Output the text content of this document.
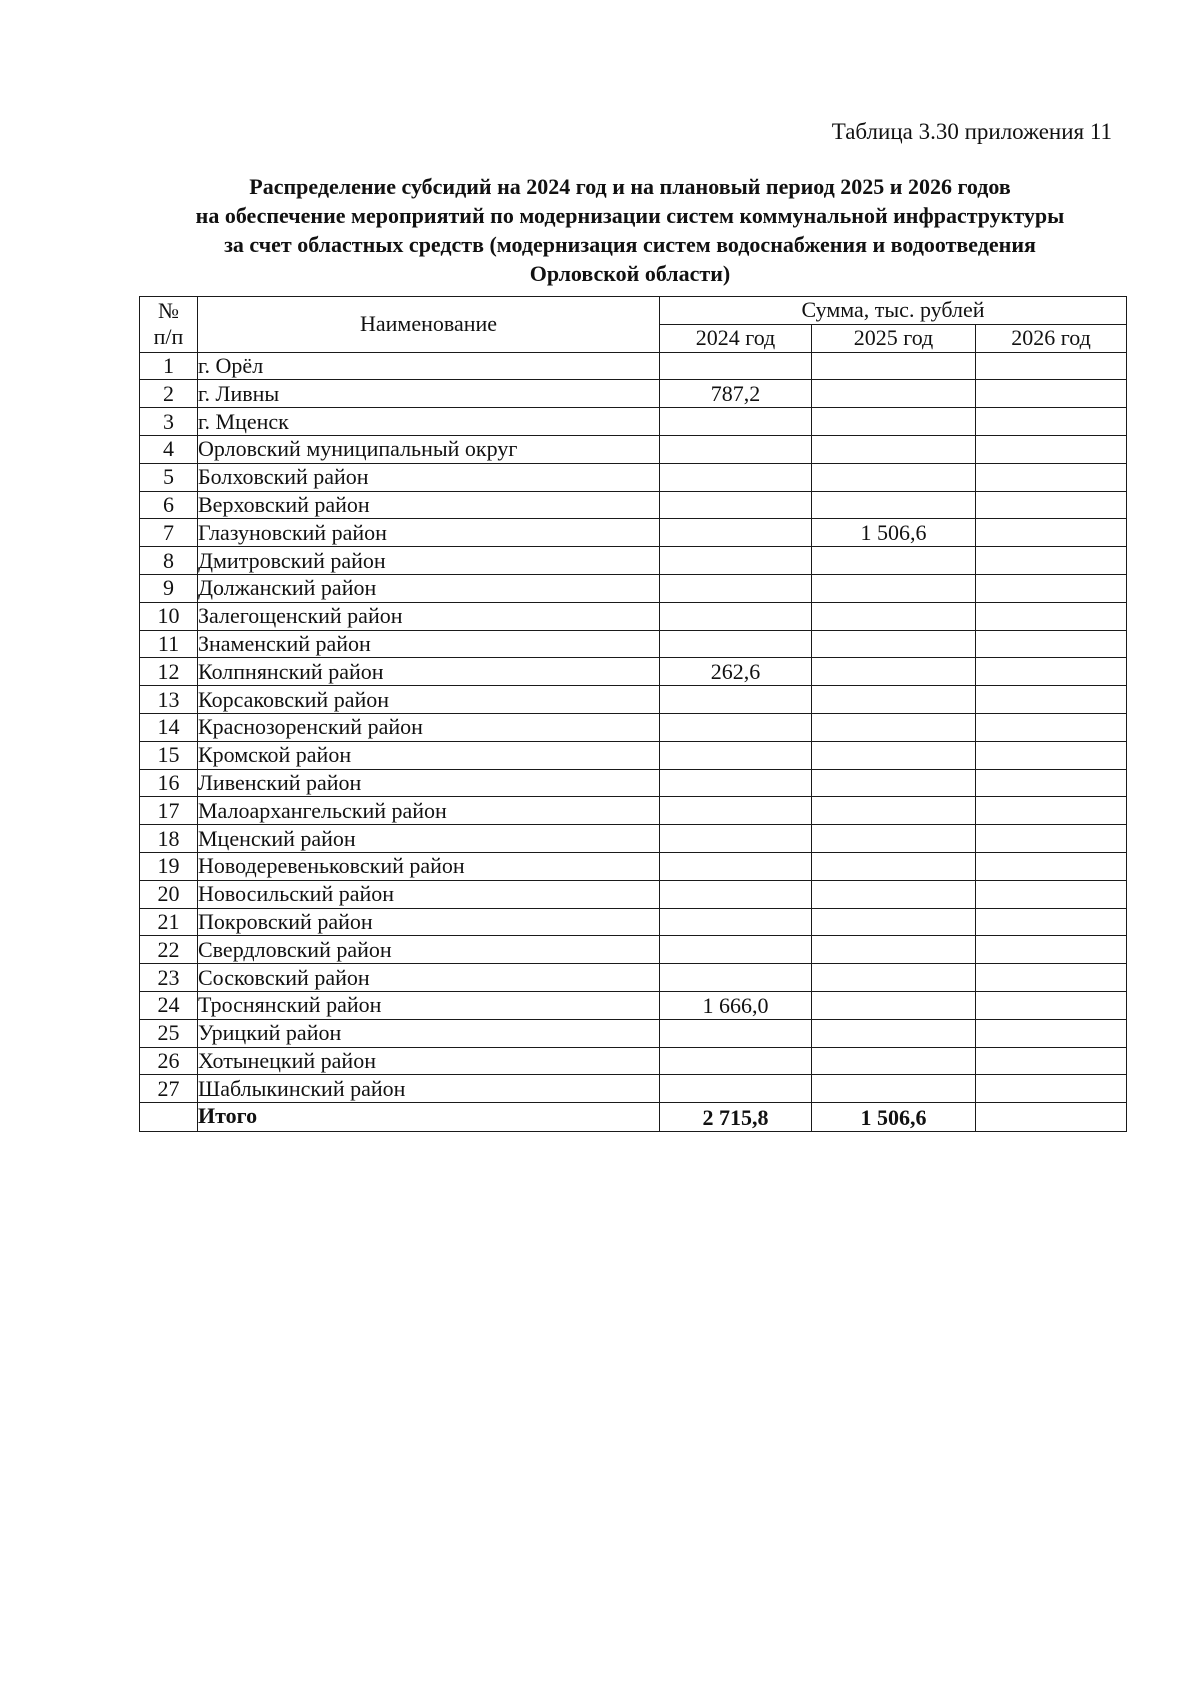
Таблица 3.30 приложения 11
Распределение субсидий на 2024 год и на плановый период 2025 и 2026 годов
на обеспечение мероприятий по модернизации систем коммунальной инфраструктуры
за счет областных средств (модернизация систем водоснабжения и водоотведения
Орловской области)
№
п/п	Наименование	Сумма, тыс. рублей		
		2024 год	2025 год	2026 год
1	г. Орёл			
2	г. Ливны	787,2		
3	г. Мценск			
4	Орловский муниципальный округ			
5	Болховский район			
6	Верховский район			
7	Глазуновский район		1 506,6	
8	Дмитровский район			
9	Должанский район			
10	Залегощенский район			
11	Знаменский район			
12	Колпнянский район	262,6		
13	Корсаковский район			
14	Краснозоренский район			
15	Кромской район			
16	Ливенский район			
17	Малоархангельский район			
18	Мценский район			
19	Новодеревеньковский район			
20	Новосильский район			
21	Покровский район			
22	Свердловский район			
23	Сосковский район			
24	Троснянский район	1 666,0		
25	Урицкий район			
26	Хотынецкий район			
27	Шаблыкинский район			
	Итого	2 715,8	1 506,6	
